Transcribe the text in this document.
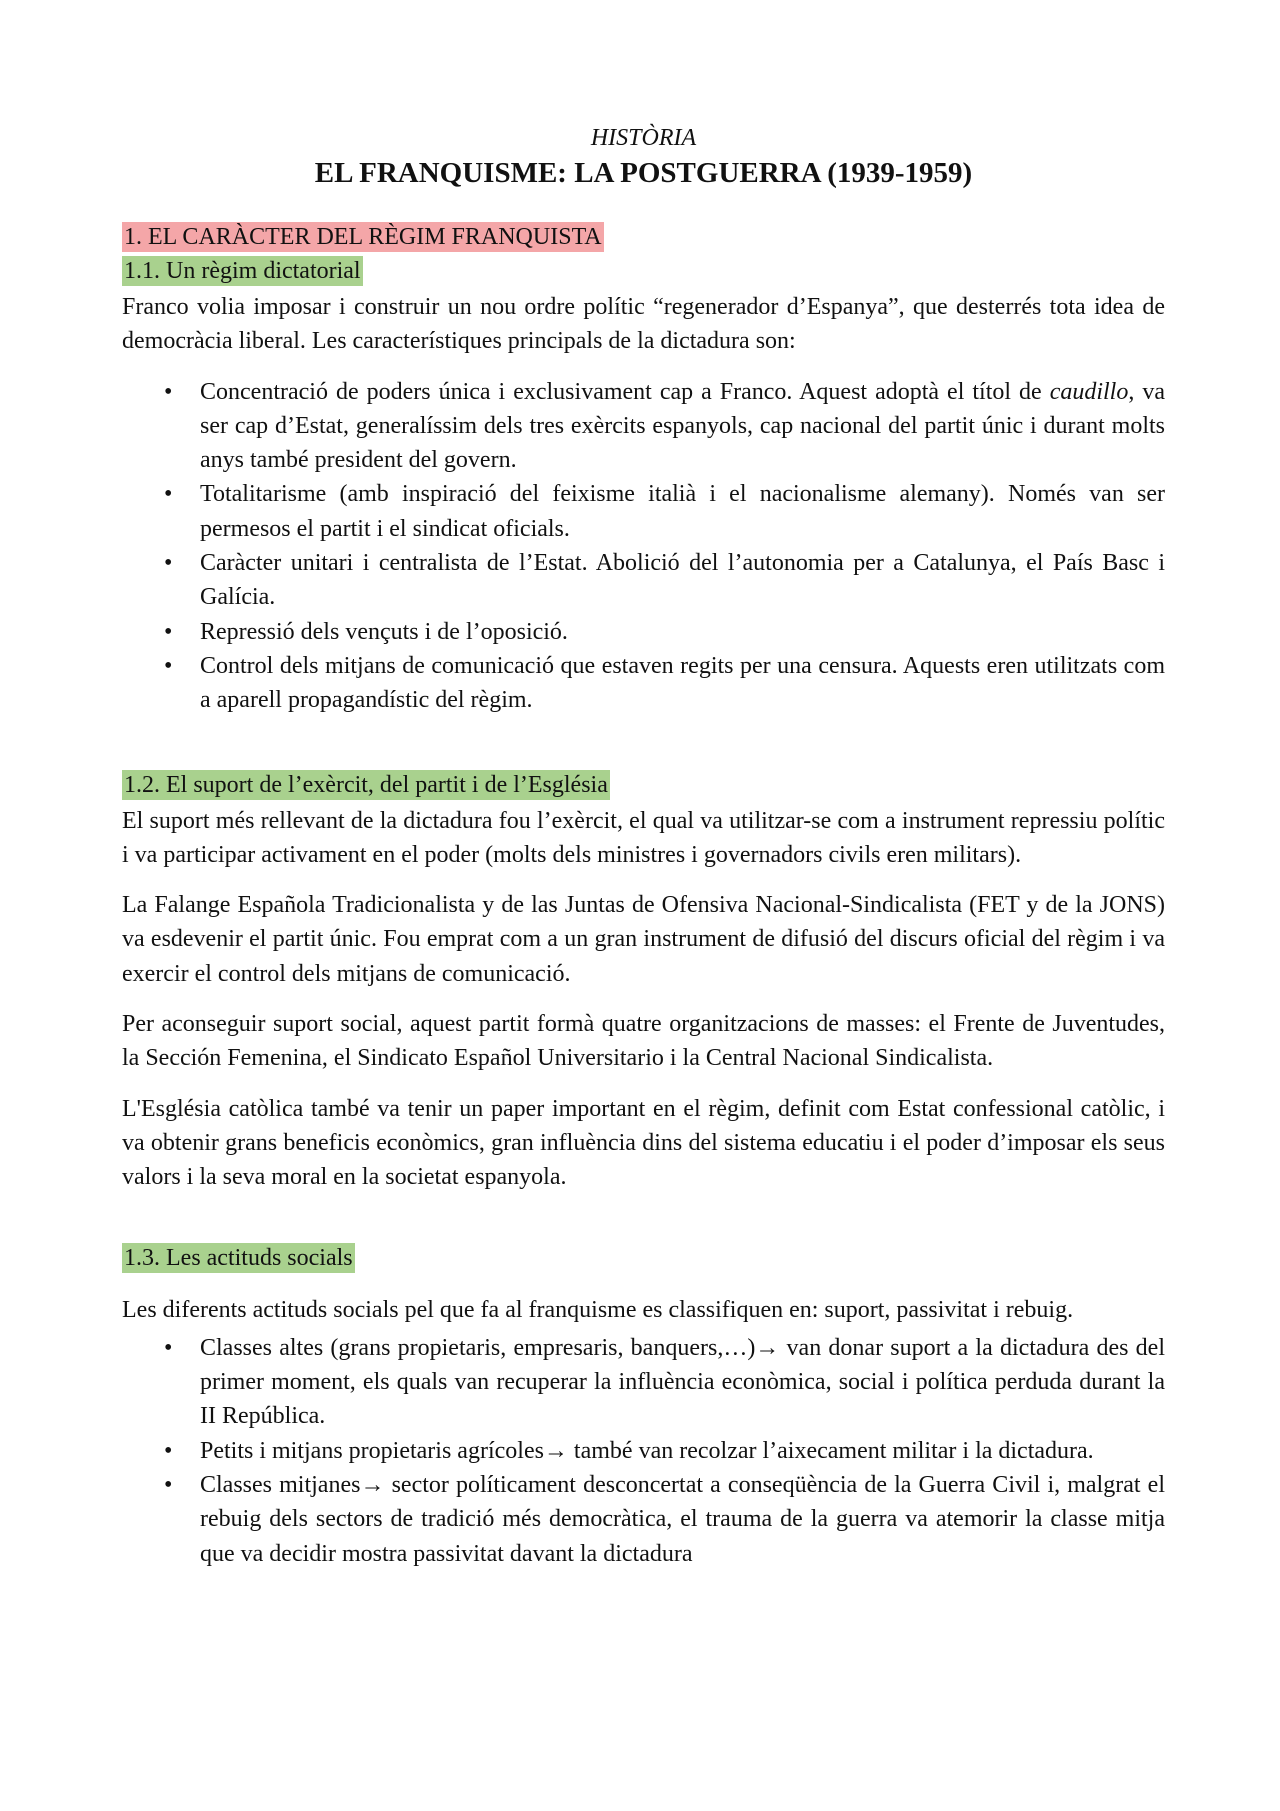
HISTÒRIA

EL FRANQUISME: LA POSTGUERRA (1939-1959)
1. EL CARÀCTER DEL RÈGIM FRANQUISTA
1.1. Un règim dictatorial

Franco volia imposar i construir un nou ordre polític “regenerador d’Espanya”, que desterrés tota idea de democràcia liberal. Les característiques principals de la dictadura son:

• Concentració de poders única i exclusivament cap a Franco. Aquest adoptà el títol de caudillo, va ser cap d’Estat, generalíssim dels tres exèrcits espanyols, cap nacional del partit únic i durant molts anys també president del govern.
• Totalitarisme (amb inspiració del feixisme italià i el nacionalisme alemany). Només van ser permesos el partit i el sindicat oficials.
• Caràcter unitari i centralista de l’Estat. Abolició del l’autonomia per a Catalunya, el País Basc i Galícia.
• Repressió dels vençuts i de l’oposició.
• Control dels mitjans de comunicació que estaven regits per una censura. Aquests eren utilitzats com a aparell propagandístic del règim.
1.2. El suport de l’exèrcit, del partit i de l’Església

El suport més rellevant de la dictadura fou l’exèrcit, el qual va utilitzar-se com a instrument repressiu polític i va participar activament en el poder (molts dels ministres i governadors civils eren militars).

La Falange Española Tradicionalista y de las Juntas de Ofensiva Nacional-Sindicalista (FET y de la JONS) va esdevenir el partit únic. Fou emprat com a un gran instrument de difusió del discurs oficial del règim i va exercir el control dels mitjans de comunicació.

Per aconseguir suport social, aquest partit formà quatre organitzacions de masses: el Frente de Juventudes, la Sección Femenina, el Sindicato Español Universitario i la Central Nacional Sindicalista.

L'Església catòlica també va tenir un paper important en el règim, definit com Estat confessional catòlic, i va obtenir grans beneficis econòmics, gran influència dins del sistema educatiu i el poder d’imposar els seus valors i la seva moral en la societat espanyola.

1.3. Les actituds socials

Les diferents actituds socials pel que fa al franquisme es classifiquen en: suport, passivitat i rebuig.

• Classes altes (grans propietaris, empresaris, banquers,…)→ van donar suport a la dictadura des del primer moment, els quals van recuperar la influència econòmica, social i política perduda durant la II República.
• Petits i mitjans propietaris agrícoles→ també van recolzar l’aixecament militar i la dictadura.
• Classes mitjanes→ sector políticament desconcertat a conseqüència de la Guerra Civil i, malgrat el rebuig dels sectors de tradició més democràtica, el trauma de la guerra va atemorir la classe mitja que va decidir mostra passivitat davant la dictadura
